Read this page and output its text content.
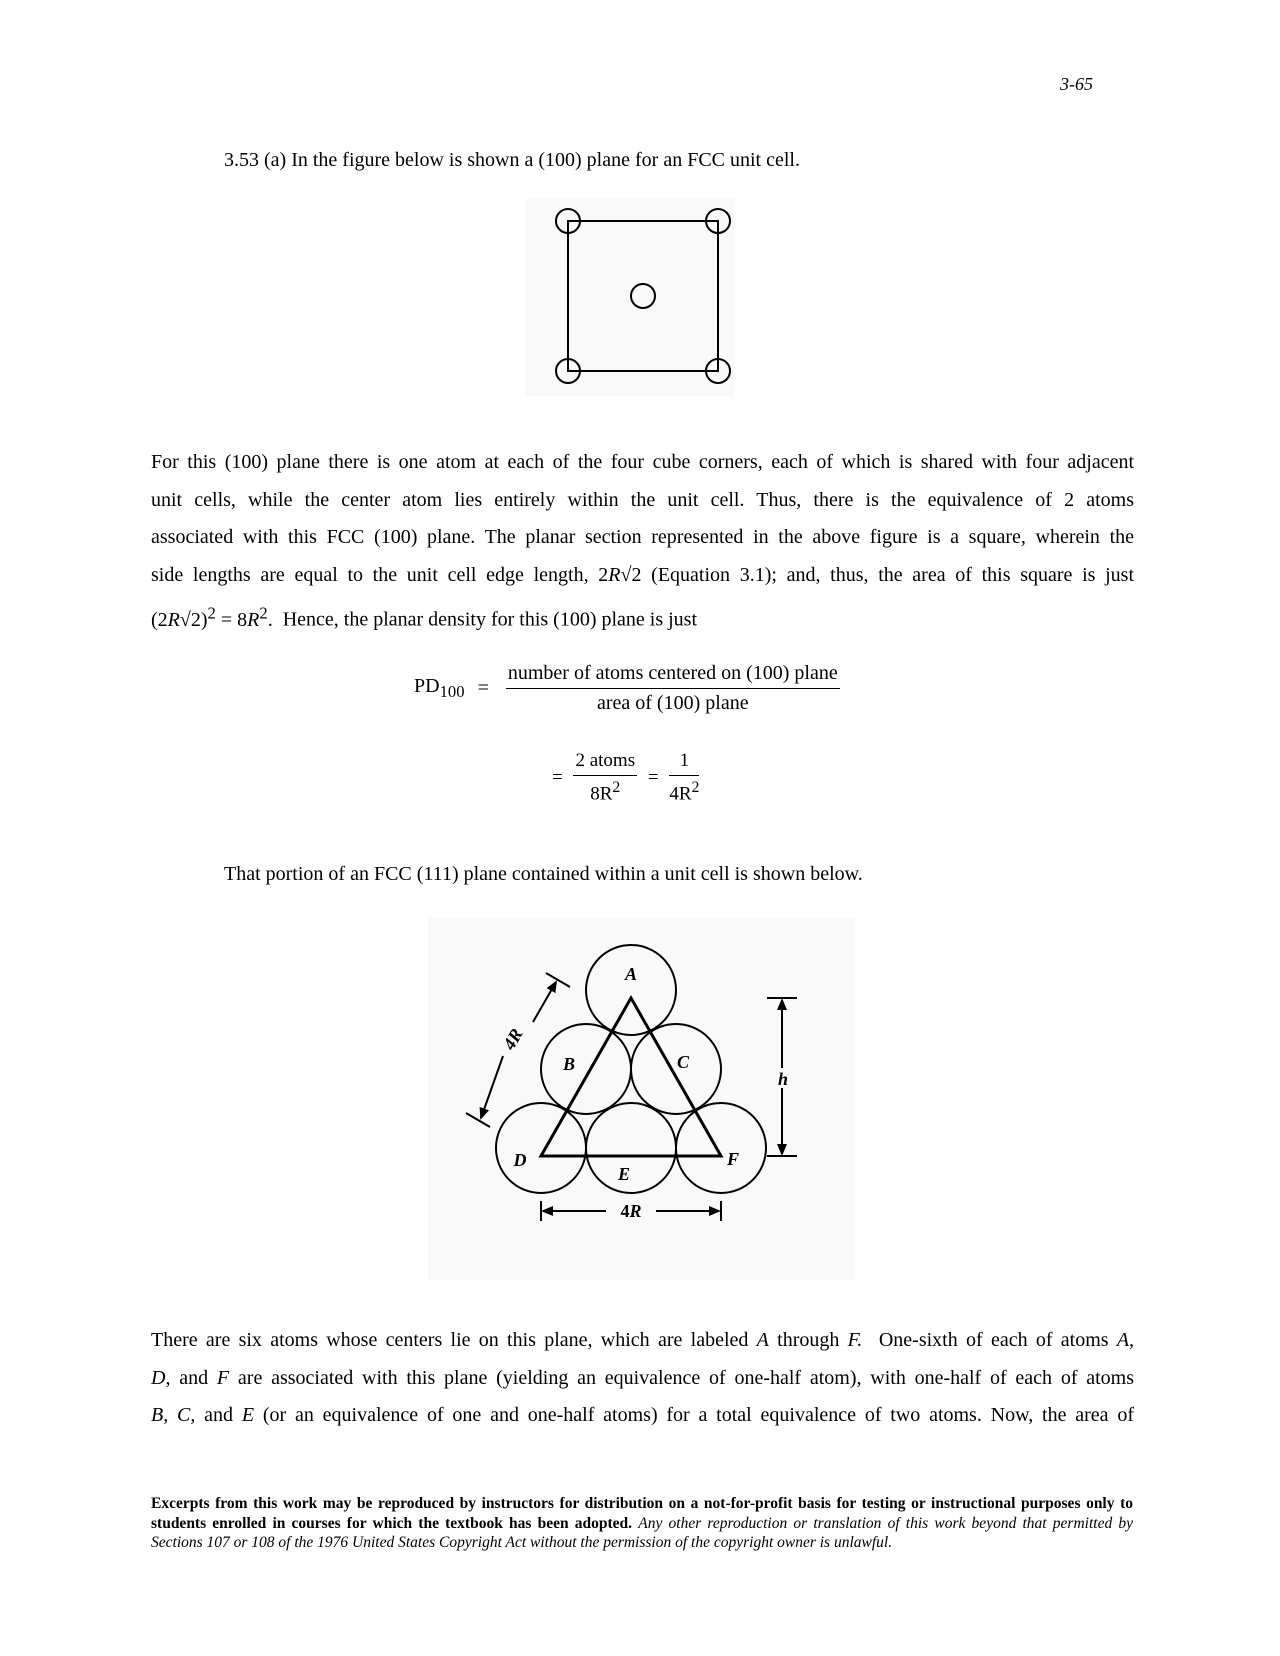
3-65
3.53 (a) In the figure below is shown a (100) plane for an FCC unit cell.
For this (100) plane there is one atom at each of the four cube corners, each of which is shared with four adjacent
unit cells, while the center atom lies entirely within the unit cell. Thus, there is the equivalence of 2 atoms
associated with this FCC (100) plane. The planar section represented in the above figure is a square, wherein the
side lengths are equal to the unit cell edge length, 2R√2 (Equation 3.1); and, thus, the area of this square is just
$(2R√2)^2 = 8R^2$. Hence, the planar density for this (100) plane is just
$PD_{100} = \frac{\text{number of atoms centered on (100) plane}}{\text{area of (100) plane}}$
= $\frac{\text{2 atoms}}{8R^2} = \frac{1}{4R^2}$
That portion of an FCC (111) plane contained within a unit cell is shown below.
A
B	C
D
E
F
h
4R
4R
There are six atoms whose centers lie on this plane, which are labeled A through F. One-sixth of each of atoms A,
D, and F are associated with this plane (yielding an equivalence of one-half atom), with one-half of each of atoms
B, C, and E (or an equivalence of one and one-half atoms) for a total equivalence of two atoms. Now, the area of
Excerpts from this work may be reproduced by instructors for distribution on a not-for-profit basis for testing or instructional purposes only to students enrolled in courses for which the textbook has been adopted. Any other reproduction or translation of this work beyond that permitted by Sections 107 or 108 of the 1976 United States Copyright Act without the permission of the copyright owner is unlawful.
